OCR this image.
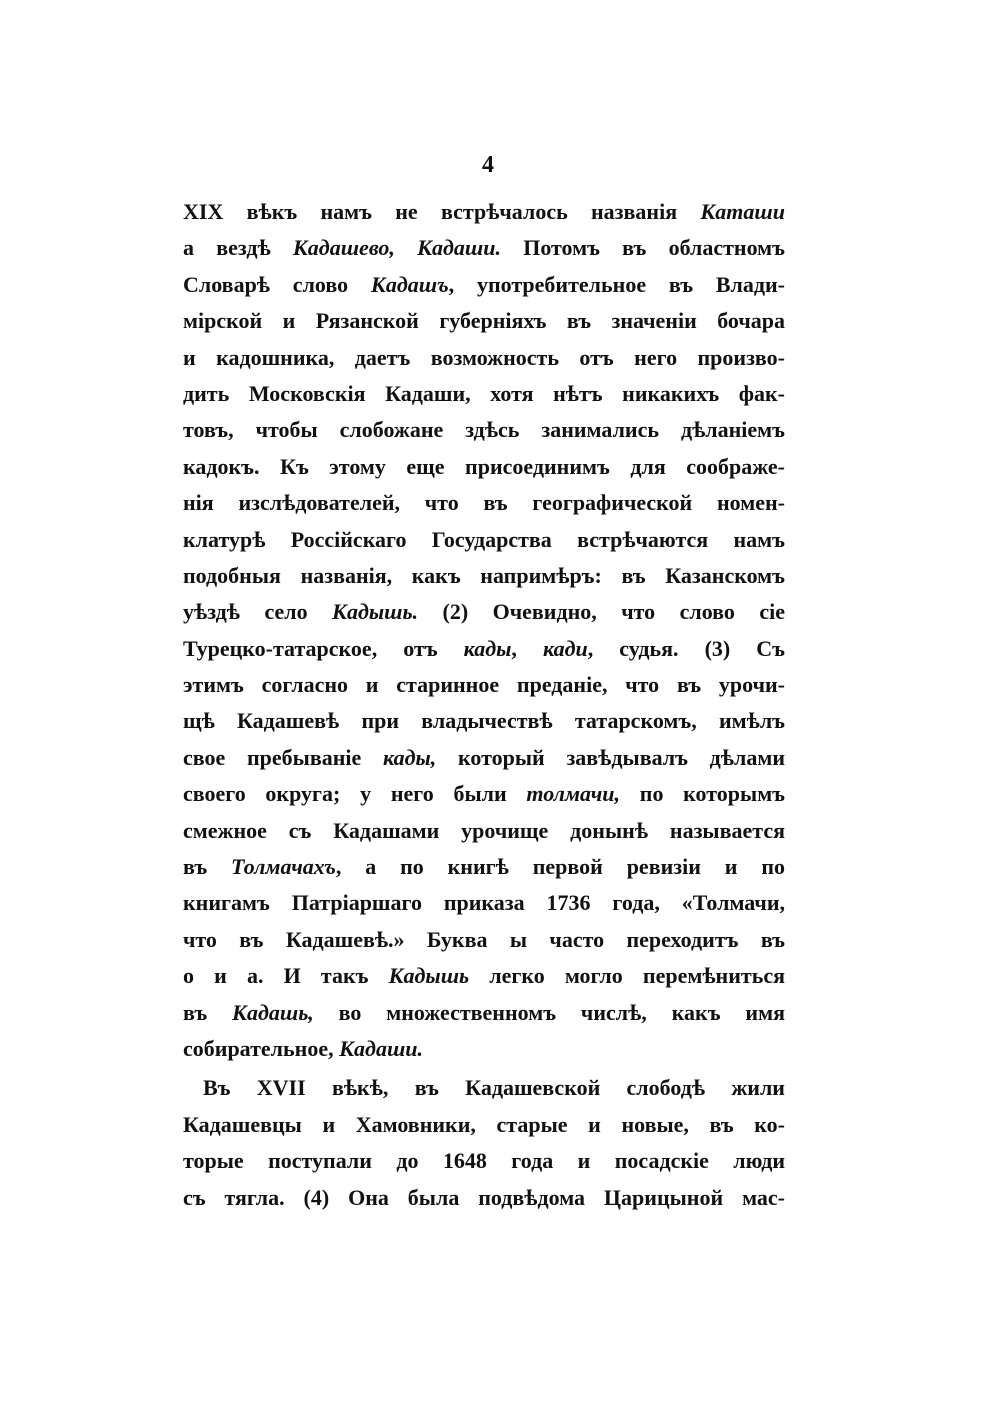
4
XIX вѣкъ намъ не встрѣчалось названія Каташи
а вездѣ Кадашево, Кадаши. Потомъ въ областномъ
Словарѣ слово Кадашъ, употребительное въ Влади-
мірской и Рязанской губерніяхъ въ значеніи бочара
и кадошника, даетъ возможность отъ него произво-
дить Московскія Кадаши, хотя нѣтъ никакихъ фак-
товъ, чтобы слобожане здѣсь занимались дѣланіемъ
кадокъ. Къ этому еще присоединимъ для соображе-
нія изслѣдователей, что въ географической номен-
клатурѣ Россійскаго Государства встрѣчаются намъ
подобныя названія, какъ напримѣръ: въ Казанскомъ
уѣздѣ село Кадышь. (2) Очевидно, что слово сіе
Турецко-татарское, отъ кады, кади, судья. (3) Съ
этимъ согласно и старинное преданіе, что въ урочи-
щѣ Кадашевѣ при владычествѣ татарскомъ, имѣлъ
свое пребываніе кады, который завѣдывалъ дѣлами
своего округа; у него были толмачи, по которымъ
смежное съ Кадашами урочище донынѣ называется
въ Толмачахъ, а по книгѣ первой ревизіи и по
книгамъ Патріаршаго приказа 1736 года, «Толмачи,
что въ Кадашевѣ.» Буква ы часто переходитъ въ
о и а. И такъ Кадышь легко могло перемѣниться
въ Кадашь, во множественномъ числѣ, какъ имя
собирательное, Кадаши.
Въ XVII вѣкѣ, въ Кадашевской слободѣ жили
Кадашевцы и Хамовники, старые и новые, въ ко-
торые поступали до 1648 года и посадскіе люди
съ тягла. (4) Она была подвѣдома Царицыной мас-
